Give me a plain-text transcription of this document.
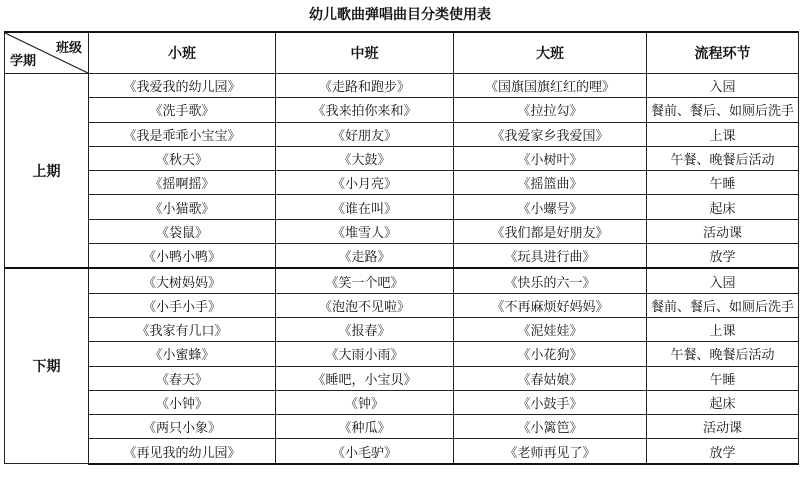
幼儿歌曲弹唱曲目分类使用表
班级
学期	小班	中班	大班	流程环节
上期	《我爱我的幼儿园》	《走路和跑步》	《国旗国旗红红的哩》	入园
	《洗手歌》	《我来拍你来和》	《拉拉勾》	餐前、餐后、如厕后洗手
	《我是乖乖小宝宝》	《好朋友》	《我爱家乡我爱国》	上课
	《秋天》	《大鼓》	《小树叶》	午餐、晚餐后活动
	《摇啊摇》	《小月亮》	《摇篮曲》	午睡
	《小猫歌》	《谁在叫》	《小螺号》	起床
	《袋鼠》	《堆雪人》	《我们都是好朋友》	活动课
	《小鸭小鸭》	《走路》	《玩具进行曲》	放学
下期	《大树妈妈》	《笑一个吧》	《快乐的六一》	入园
	《小手小手》	《泡泡不见啦》	《不再麻烦好妈妈》	餐前、餐后、如厕后洗手
	《我家有几口》	《报春》	《泥娃娃》	上课
	《小蜜蜂》	《大雨小雨》	《小花狗》	午餐、晚餐后活动
	《春天》	《睡吧，小宝贝》	《春姑娘》	午睡
	《小钟》	《钟》	《小鼓手》	起床
	《两只小象》	《种瓜》	《小篱笆》	活动课
	《再见我的幼儿园》	《小毛驴》	《老师再见了》	放学
